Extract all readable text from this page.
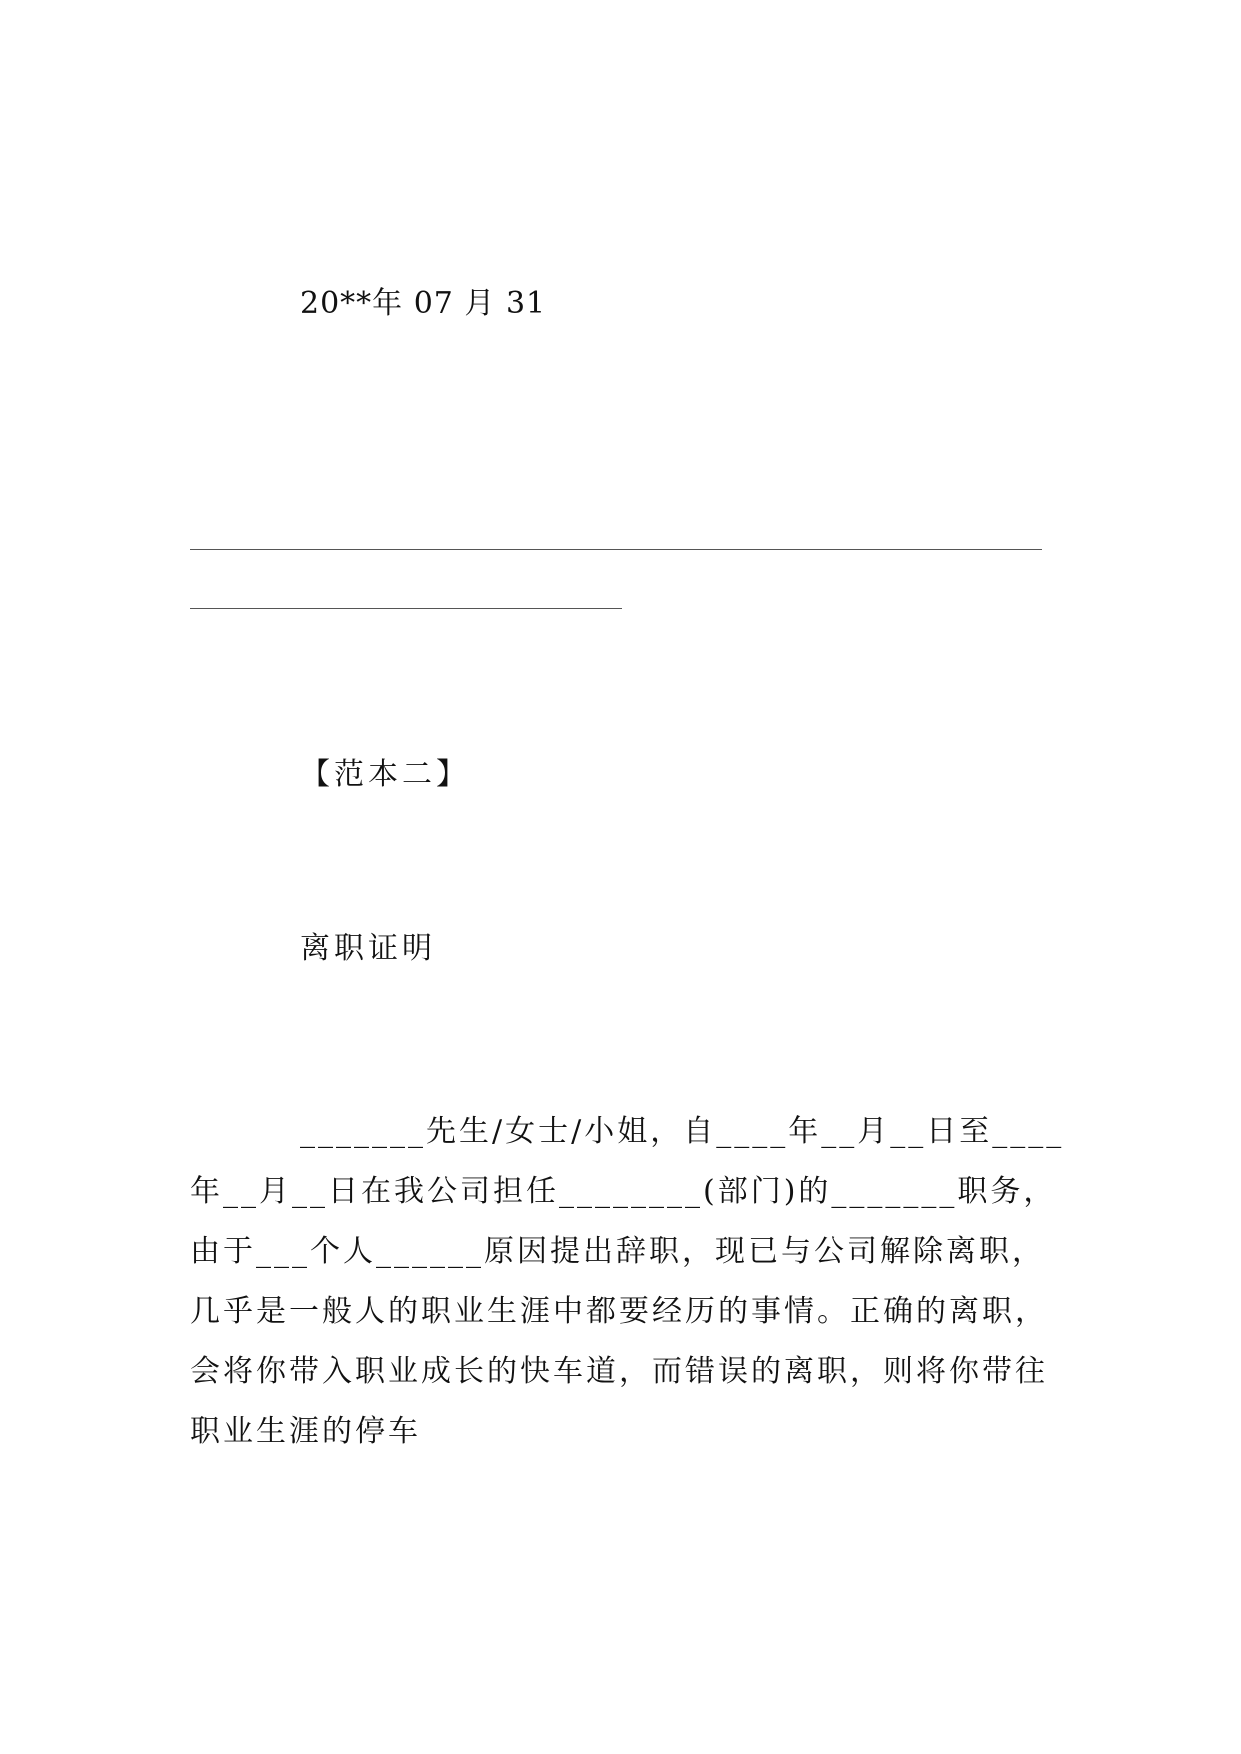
20**年 07 月 31
【范本二】
离职证明
_______先生/女士/小姐，自____年__月__日至____
年__月__日在我公司担任________(部门)的_______职务，
由于___个人______原因提出辞职，现已与公司解除离职，
几乎是一般人的职业生涯中都要经历的事情。正确的离职，
会将你带入职业成长的快车道，而错误的离职，则将你带往
职业生涯的停车
